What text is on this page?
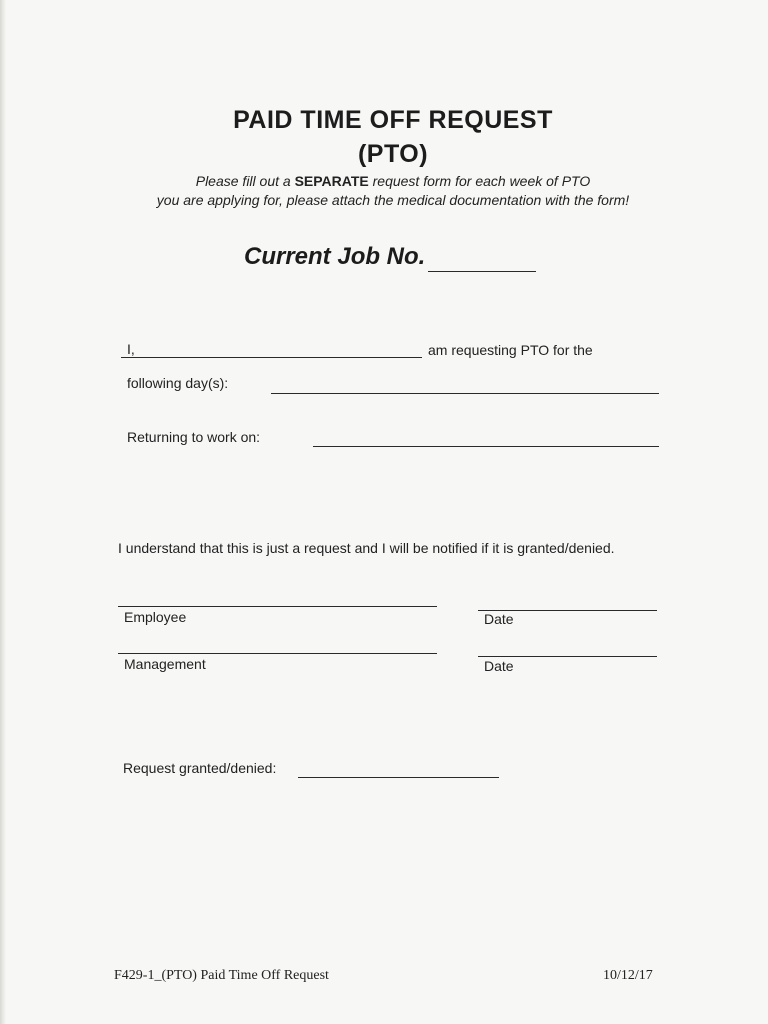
PAID TIME OFF REQUEST
(PTO)
Please fill out a SEPARATE request form for each week of PTO
you are applying for, please attach the medical documentation with the form!
Current Job No.
I,	am requesting PTO for the
following day(s):
Returning to work on:
I understand that this is just a request and I will be notified if it is granted/denied.
Employee	Date
Management	Date
Request granted/denied:
F429-1_(PTO) Paid Time Off Request	10/12/17
